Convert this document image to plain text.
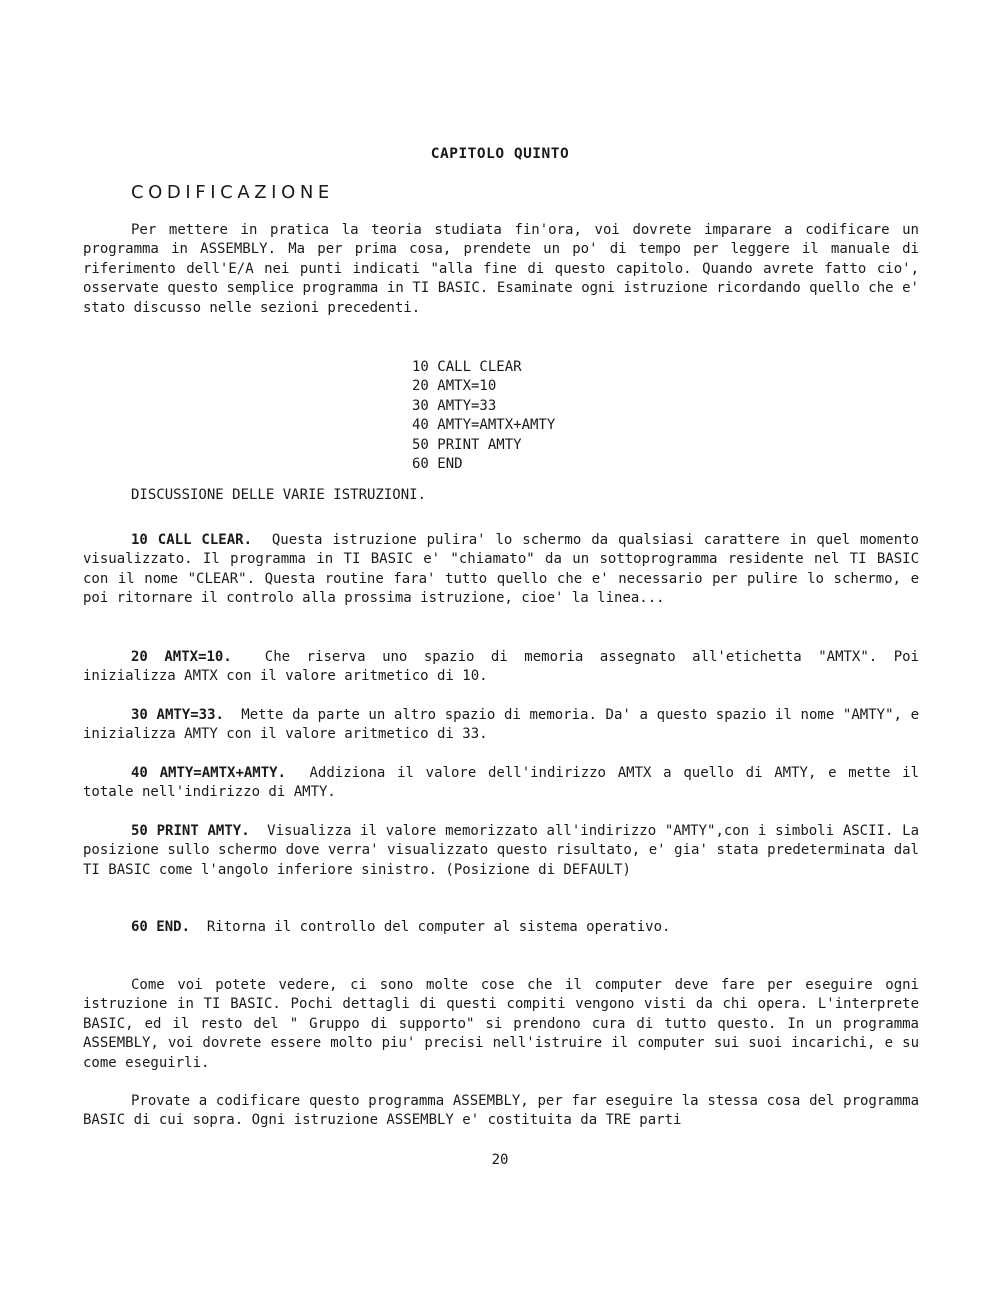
CAPITOLO QUINTO
CODIFICAZIONE
Per mettere in pratica la teoria studiata fin'ora, voi dovrete imparare a codificare un programma in ASSEMBLY. Ma per prima cosa, prendete un po' di tempo per leggere il manuale di riferimento dell'E/A nei punti indicati "alla fine di questo capitolo. Quando avrete fatto cio', osservate questo semplice programma in TI BASIC. Esaminate ogni istruzione ricordando quello che e' stato discusso nelle sezioni precedenti.
10 CALL CLEAR
20 AMTX=10
30 AMTY=33
40 AMTY=AMTX+AMTY
50 PRINT AMTY
60 END
DISCUSSIONE DELLE VARIE ISTRUZIONI.
10 CALL CLEAR. Questa istruzione pulira' lo schermo da qualsiasi carattere in quel momento visualizzato. Il programma in TI BASIC e' "chiamato" da un sottoprogramma residente nel TI BASIC con il nome "CLEAR". Questa routine fara' tutto quello che e' necessario per pulire lo schermo, e poi ritornare il controlo alla prossima istruzione, cioe' la linea...
20 AMTX=10. Che riserva uno spazio di memoria assegnato all'etichetta "AMTX". Poi inizializza AMTX con il valore aritmetico di 10.
30 AMTY=33. Mette da parte un altro spazio di memoria. Da' a questo spazio il nome "AMTY", e inizializza AMTY con il valore aritmetico di 33.
40 AMTY=AMTX+AMTY. Addiziona il valore dell'indirizzo AMTX a quello di AMTY, e mette il totale nell'indirizzo di AMTY.
50 PRINT AMTY. Visualizza il valore memorizzato all'indirizzo "AMTY",con i simboli ASCII. La posizione sullo schermo dove verra' visualizzato questo risultato, e' gia' stata predeterminata dal TI BASIC come l'angolo inferiore sinistro. (Posizione di DEFAULT)
60 END. Ritorna il controllo del computer al sistema operativo.
Come voi potete vedere, ci sono molte cose che il computer deve fare per eseguire ogni istruzione in TI BASIC. Pochi dettagli di questi compiti vengono visti da chi opera. L'interprete BASIC, ed il resto del " Gruppo di supporto" si prendono cura di tutto questo. In un programma ASSEMBLY, voi dovrete essere molto piu' precisi nell'istruire il computer sui suoi incarichi, e su come eseguirli.
Provate a codificare questo programma ASSEMBLY, per far eseguire la stessa cosa del programma BASIC di cui sopra. Ogni istruzione ASSEMBLY e' costituita da TRE parti
20
